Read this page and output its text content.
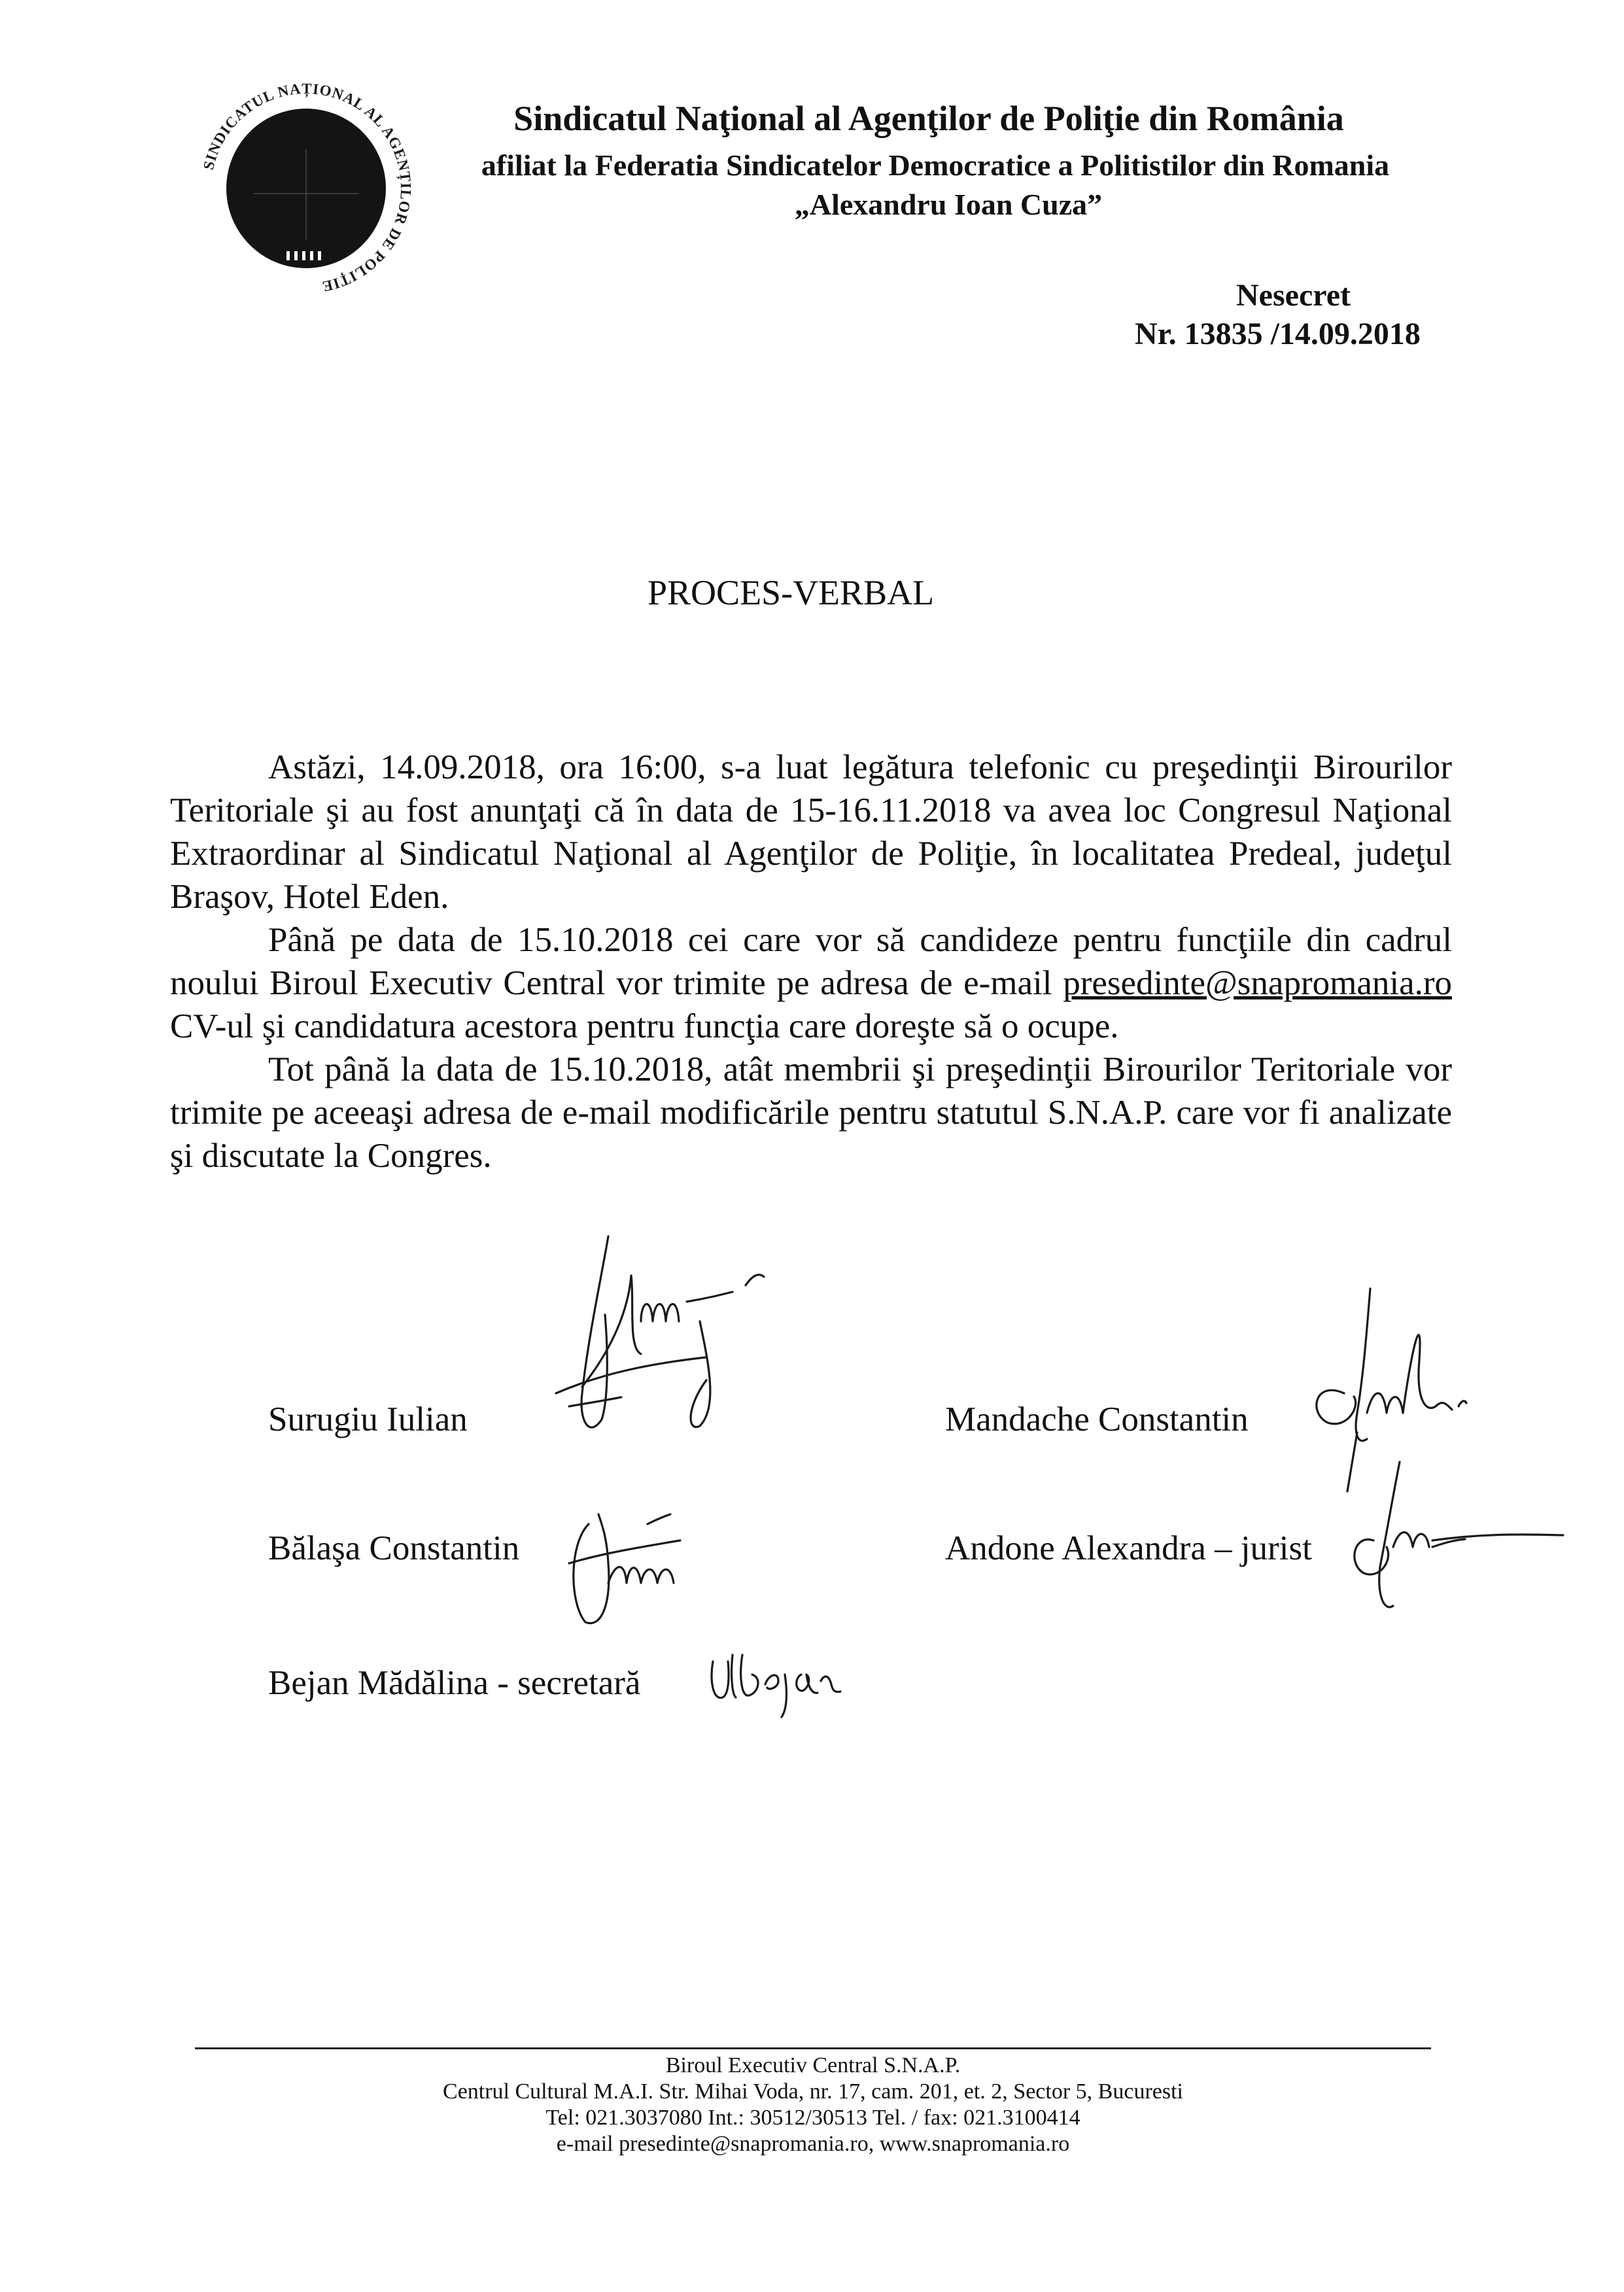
SINDICATUL NAȚIONAL AL AGENȚILOR DE POLIȚIE
Sindicatul Naţional al Agenţilor de Poliţie din România
afiliat la Federatia Sindicatelor Democratice a Politistilor din Romania
„Alexandru Ioan Cuza”
Nesecret
Nr. 13835 /14.09.2018
PROCES-VERBAL

Astăzi, 14.09.2018, ora 16:00, s-a luat legătura telefonic cu preşedinţii Birourilor Teritoriale şi au fost anunţaţi că în data de 15-16.11.2018 va avea loc Congresul Naţional Extraordinar al Sindicatul Naţional al Agenţilor de Poliţie, în localitatea Predeal, judeţul Braşov, Hotel Eden.

Până pe data de 15.10.2018 cei care vor să candideze pentru funcţiile din cadrul noului Biroul Executiv Central vor trimite pe adresa de e-mail presedinte@snapromania.ro CV-ul şi candidatura acestora pentru funcţia care doreşte să o ocupe.

Tot până la data de 15.10.2018, atât membrii şi preşedinţii Birourilor Teritoriale vor trimite pe aceeaşi adresa de e-mail modificările pentru statutul S.N.A.P. care vor fi analizate şi discutate la Congres.

Surugiu Iulian	Mandache Constantin
Bălaşa Constantin	Andone Alexandra – jurist
Bejan Mădălina - secretară
Biroul Executiv Central S.N.A.P.
Centrul Cultural M.A.I. Str. Mihai Voda, nr. 17, cam. 201, et. 2, Sector 5, Bucuresti
Tel: 021.3037080 Int.: 30512/30513 Tel. / fax: 021.3100414
e-mail presedinte@snapromania.ro, www.snapromania.ro
